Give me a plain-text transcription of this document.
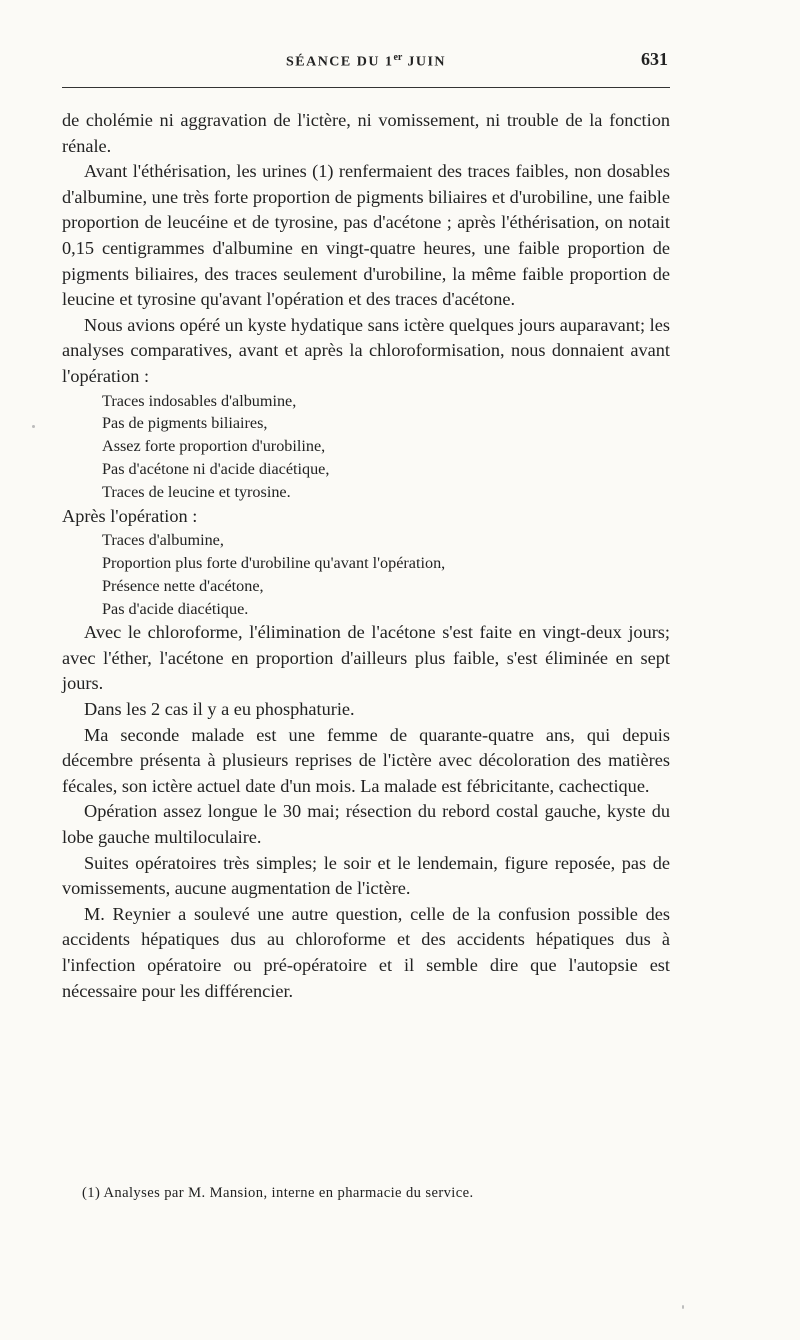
SÉANCE DU 1er JUIN	631

de cholémie ni aggravation de l'ictère, ni vomissement, ni trouble de la fonction rénale.

Avant l'éthérisation, les urines (1) renfermaient des traces faibles, non dosables d'albumine, une très forte proportion de pigments biliaires et d'urobiline, une faible proportion de leucéine et de tyrosine, pas d'acétone ; après l'éthérisation, on notait 0,15 centigrammes d'albumine en vingt-quatre heures, une faible proportion de pigments biliaires, des traces seulement d'urobiline, la même faible proportion de leucine et tyrosine qu'avant l'opération et des traces d'acétone.

Nous avions opéré un kyste hydatique sans ictère quelques jours auparavant; les analyses comparatives, avant et après la chloroformisation, nous donnaient avant l'opération :

Traces indosables d'albumine,
Pas de pigments biliaires,
Assez forte proportion d'urobiline,
Pas d'acétone ni d'acide diacétique,
Traces de leucine et tyrosine.

Après l'opération :

Traces d'albumine,
Proportion plus forte d'urobiline qu'avant l'opération,
Présence nette d'acétone,
Pas d'acide diacétique.

Avec le chloroforme, l'élimination de l'acétone s'est faite en vingt-deux jours; avec l'éther, l'acétone en proportion d'ailleurs plus faible, s'est éliminée en sept jours.

Dans les 2 cas il y a eu phosphaturie.

Ma seconde malade est une femme de quarante-quatre ans, qui depuis décembre présenta à plusieurs reprises de l'ictère avec décoloration des matières fécales, son ictère actuel date d'un mois. La malade est fébricitante, cachectique.

Opération assez longue le 30 mai; résection du rebord costal gauche, kyste du lobe gauche multiloculaire.

Suites opératoires très simples; le soir et le lendemain, figure reposée, pas de vomissements, aucune augmentation de l'ictère.

M. Reynier a soulevé une autre question, celle de la confusion possible des accidents hépatiques dus au chloroforme et des accidents hépatiques dus à l'infection opératoire ou pré-opératoire et il semble dire que l'autopsie est nécessaire pour les différencier.

(1) Analyses par M. Mansion, interne en pharmacie du service.
